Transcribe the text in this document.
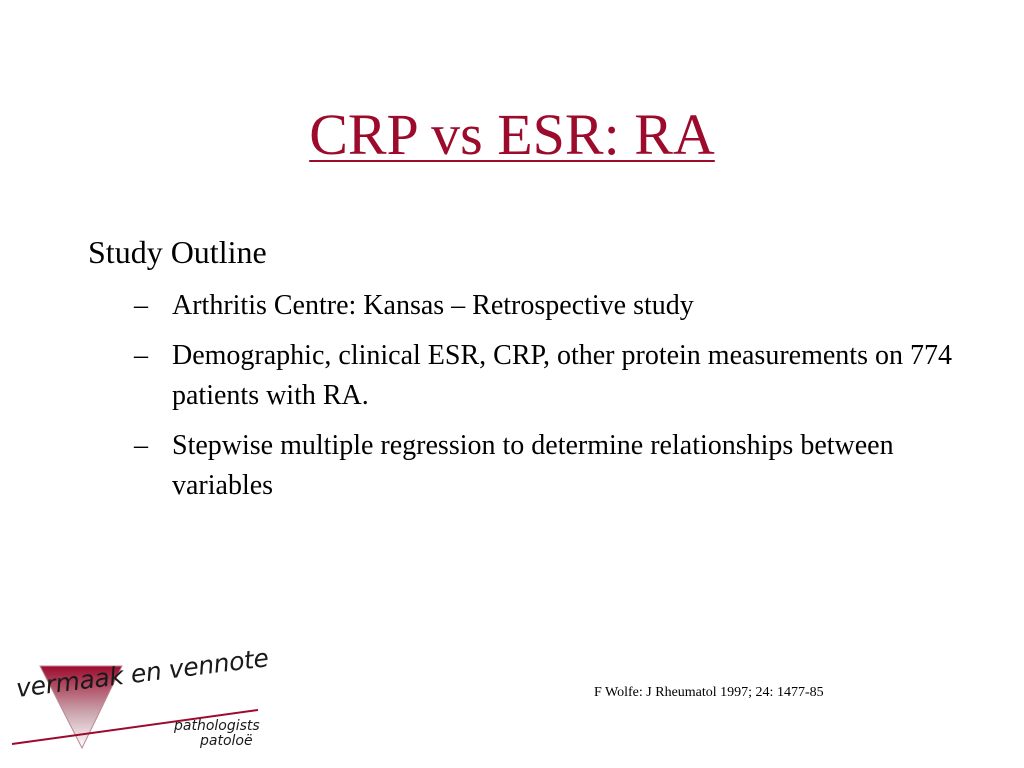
CRP vs ESR: RA
Study Outline
– Arthritis Centre: Kansas – Retrospective study
– Demographic, clinical ESR, CRP, other protein measurements on 774 patients with RA.
– Stepwise multiple regression to determine relationships between variables
F Wolfe: J Rheumatol 1997; 24: 1477-85
vermaak en vennote
pathologists
patoloë
